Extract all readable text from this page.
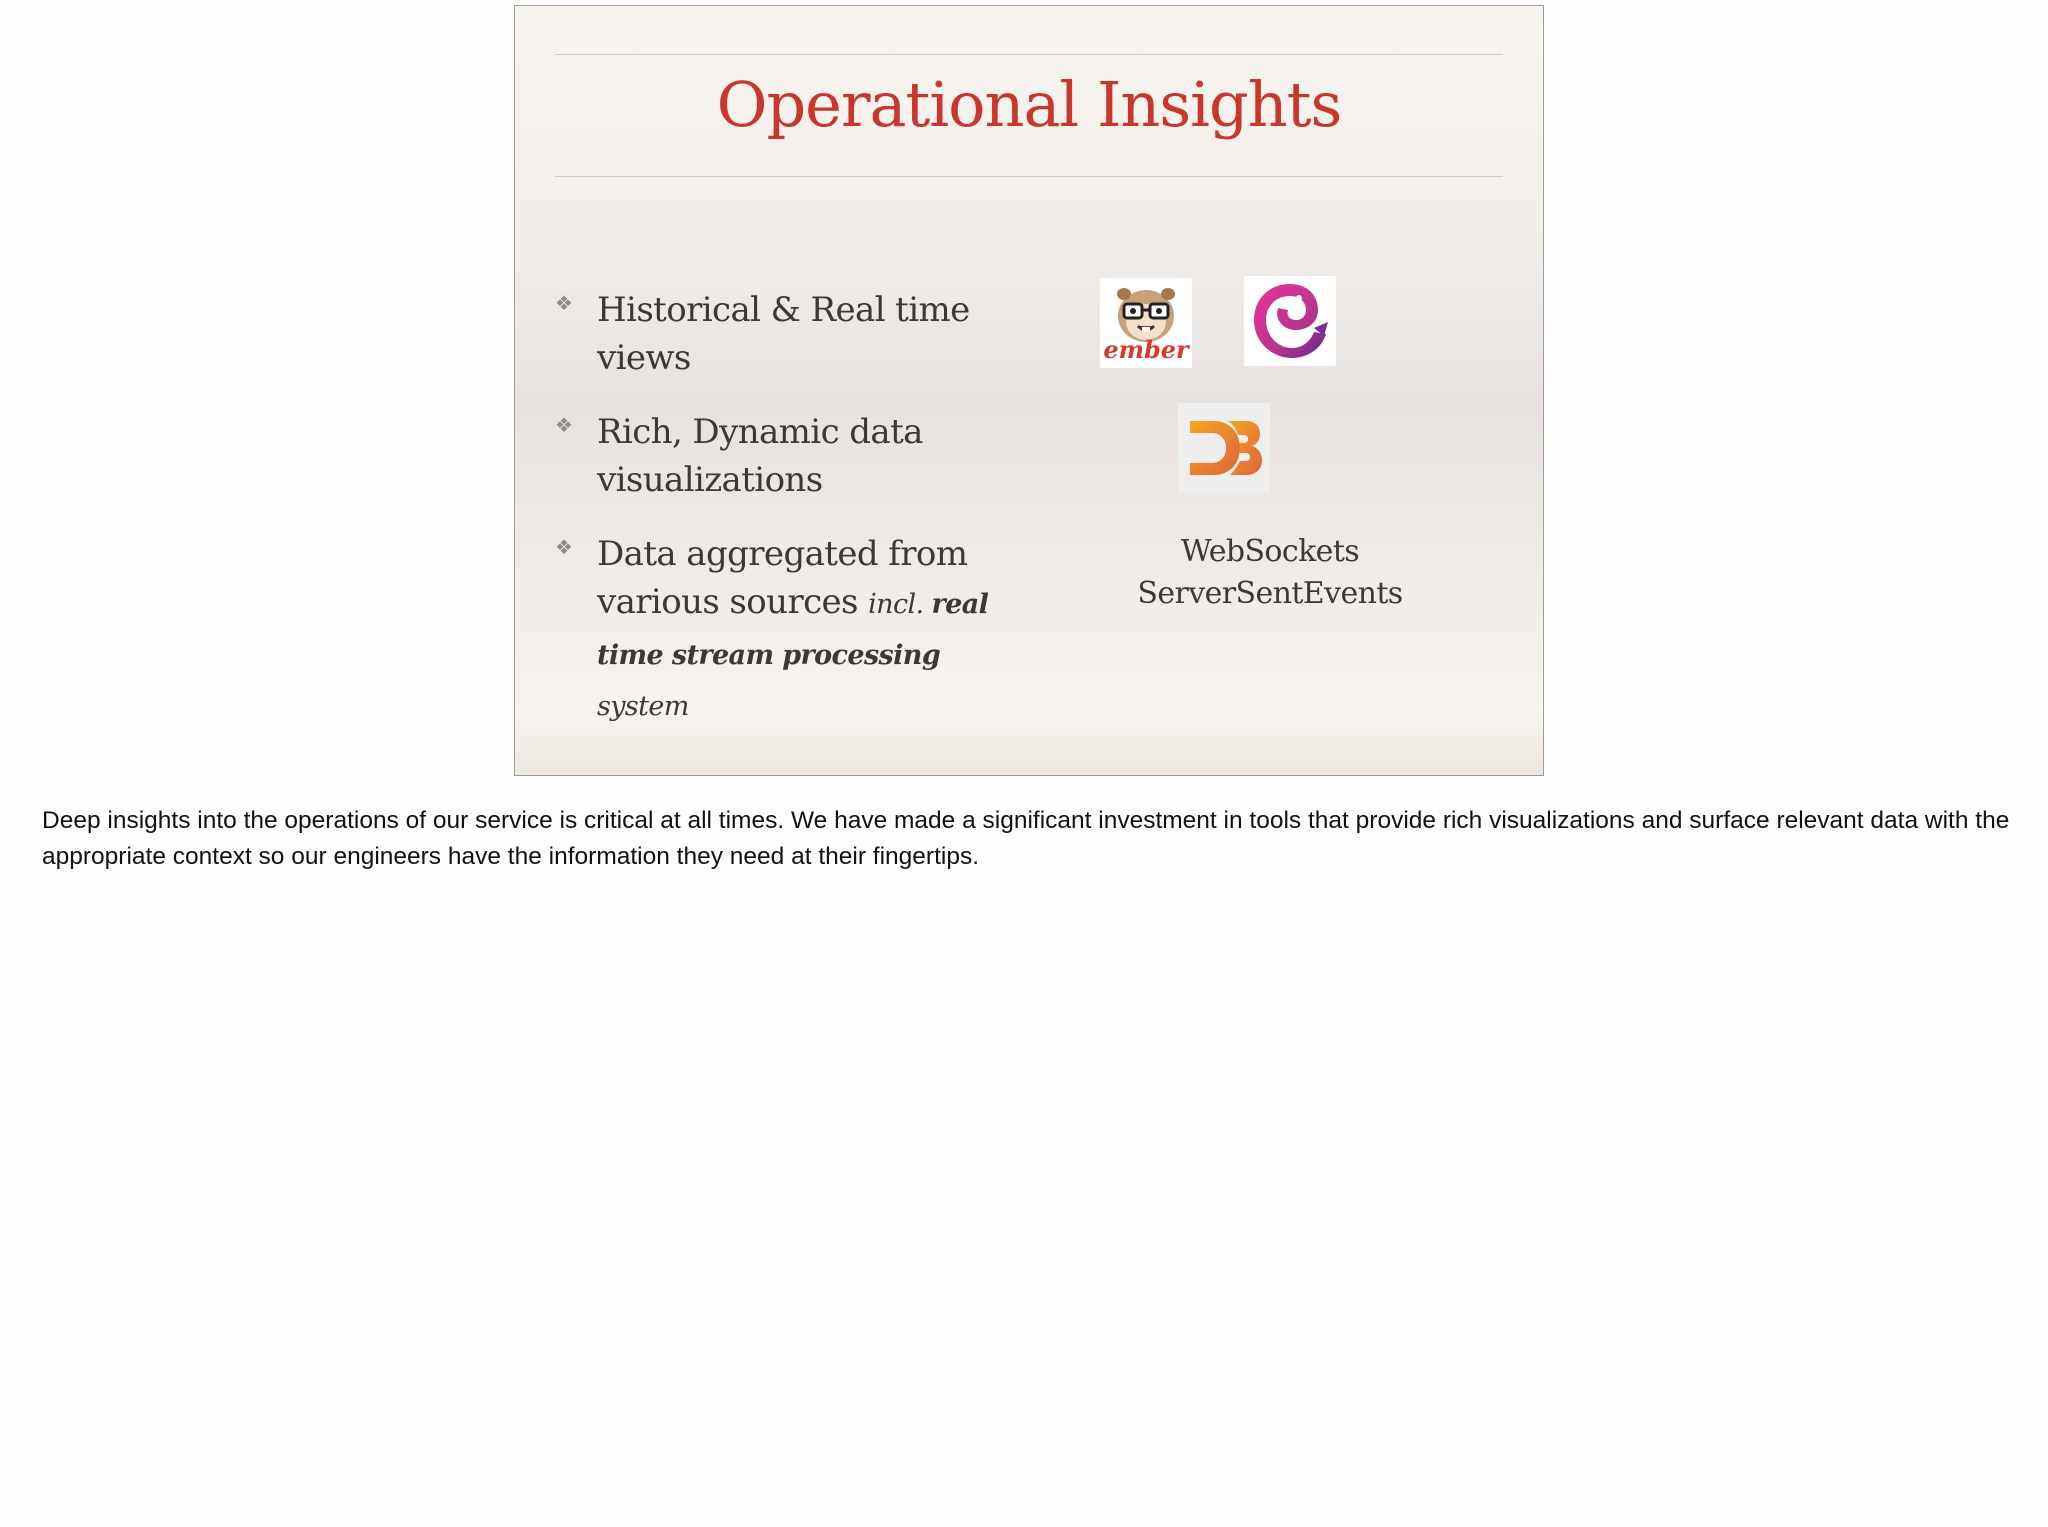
Operational Insights
❖ Historical & Real time views
❖ Rich, Dynamic data visualizations
❖ Data aggregated from various sources incl. real time stream processing system
ember
WebSockets
ServerSentEvents

Deep insights into the operations of our service is critical at all times. We have made a significant investment in tools that provide rich visualizations and surface relevant data with the appropriate context so our engineers have the information they need at their fingertips.
